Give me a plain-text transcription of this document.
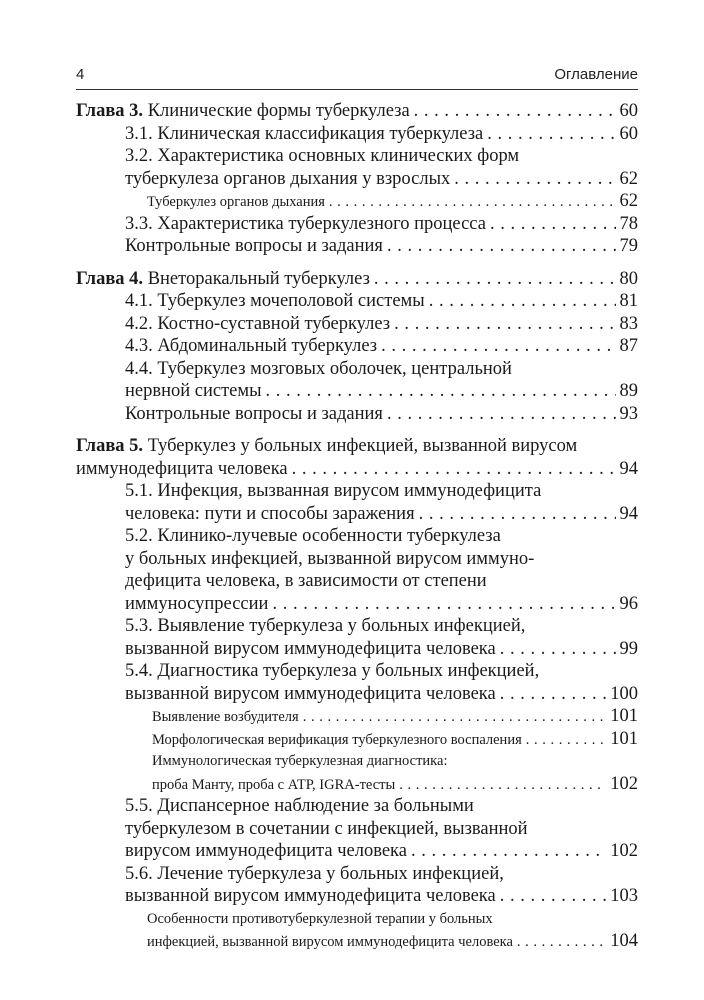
4	Оглавление
Глава 3. Клинические формы туберкулеза . . .	60
3.1. Клиническая классификация туберкулеза . . .	60
3.2. Характеристика основных клинических форм
туберкулеза органов дыхания у взрослых . . .	62
Туберкулез органов дыхания . . .	62
3.3. Характеристика туберкулезного процесса . . .	78
Контрольные вопросы и задания . . .	79
Глава 4. Внеторакальный туберкулез . . .	80
4.1. Туберкулез мочеполовой системы . . .	81
4.2. Костно-суставной туберкулез . . .	83
4.3. Абдоминальный туберкулез . . .	87
4.4. Туберкулез мозговых оболочек, центральной
нервной системы . . .	89
Контрольные вопросы и задания . . .	93
Глава 5. Туберкулез у больных инфекцией, вызванной вирусом
иммунодефицита человека . . .	94
5.1. Инфекция, вызванная вирусом иммунодефицита
человека: пути и способы заражения . . .	94
5.2. Клинико-лучевые особенности туберкулеза
у больных инфекцией, вызванной вирусом иммуно-
дефицита человека, в зависимости от степени
иммуносупрессии . . .	96
5.3. Выявление туберкулеза у больных инфекцией,
вызванной вирусом иммунодефицита человека . . .	99
5.4. Диагностика туберкулеза у больных инфекцией,
вызванной вирусом иммунодефицита человека . . .	100
Выявление возбудителя . . .	101
Морфологическая верификация туберкулезного воспаления . . .	101
Иммунологическая туберкулезная диагностика:
проба Манту, проба с АТР, IGRA-тесты . . .	102
5.5. Диспансерное наблюдение за больными
туберкулезом в сочетании с инфекцией, вызванной
вирусом иммунодефицита человека . . .	102
5.6. Лечение туберкулеза у больных инфекцией,
вызванной вирусом иммунодефицита человека . . .	103
Особенности противотуберкулезной терапии у больных
инфекцией, вызванной вирусом иммунодефицита человека . . .	104
